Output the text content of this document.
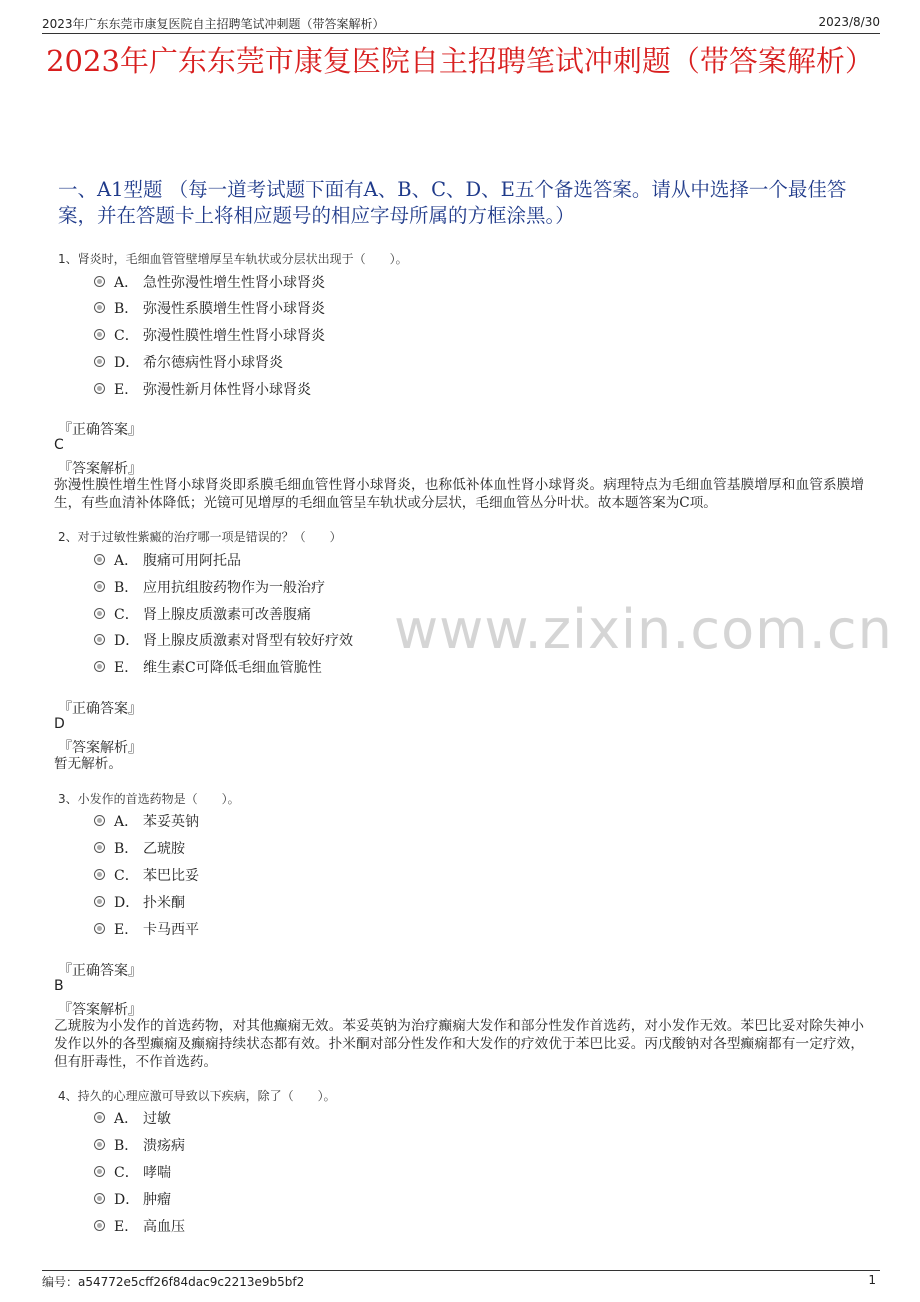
2023年广东东莞市康复医院自主招聘笔试冲刺题（带答案解析）	2023/8/30
2023年广东东莞市康复医院自主招聘笔试冲刺题（带答案解析）
一、A1型题 （每一道考试题下面有A、B、C、D、E五个备选答案。请从中选择一个最佳答案，并在答题卡上将相应题号的相应字母所属的方框涂黑。）
www.zixin.com.cn
1、肾炎时，毛细血管管壁增厚呈车轨状或分层状出现于（　　）。
A． 急性弥漫性增生性肾小球肾炎
B． 弥漫性系膜增生性肾小球肾炎
C． 弥漫性膜性增生性肾小球肾炎
D． 希尔德病性肾小球肾炎
E． 弥漫性新月体性肾小球肾炎
『正确答案』
C
『答案解析』
弥漫性膜性增生性肾小球肾炎即系膜毛细血管性肾小球肾炎，也称低补体血性肾小球肾炎。病理特点为毛细血管基膜增厚和血管系膜增生，有些血清补体降低；光镜可见增厚的毛细血管呈车轨状或分层状，毛细血管丛分叶状。故本题答案为C项。
2、对于过敏性紫癜的治疗哪一项是错误的？（　　）
A． 腹痛可用阿托品
B． 应用抗组胺药物作为一般治疗
C． 肾上腺皮质激素可改善腹痛
D． 肾上腺皮质激素对肾型有较好疗效
E． 维生素C可降低毛细血管脆性
『正确答案』
D
『答案解析』
暂无解析。
3、小发作的首选药物是（　　）。
A． 苯妥英钠
B． 乙琥胺
C． 苯巴比妥
D． 扑米酮
E． 卡马西平
『正确答案』
B
『答案解析』
乙琥胺为小发作的首选药物，对其他癫痫无效。苯妥英钠为治疗癫痫大发作和部分性发作首选药，对小发作无效。苯巴比妥对除失神小发作以外的各型癫痫及癫痫持续状态都有效。扑米酮对部分性发作和大发作的疗效优于苯巴比妥。丙戊酸钠对各型癫痫都有一定疗效，但有肝毒性，不作首选药。
4、持久的心理应激可导致以下疾病，除了（　　）。
A． 过敏
B． 溃疡病
C． 哮喘
D． 肿瘤
E． 高血压
编号：a54772e5cff26f84dac9c2213e9b5bf2	1
